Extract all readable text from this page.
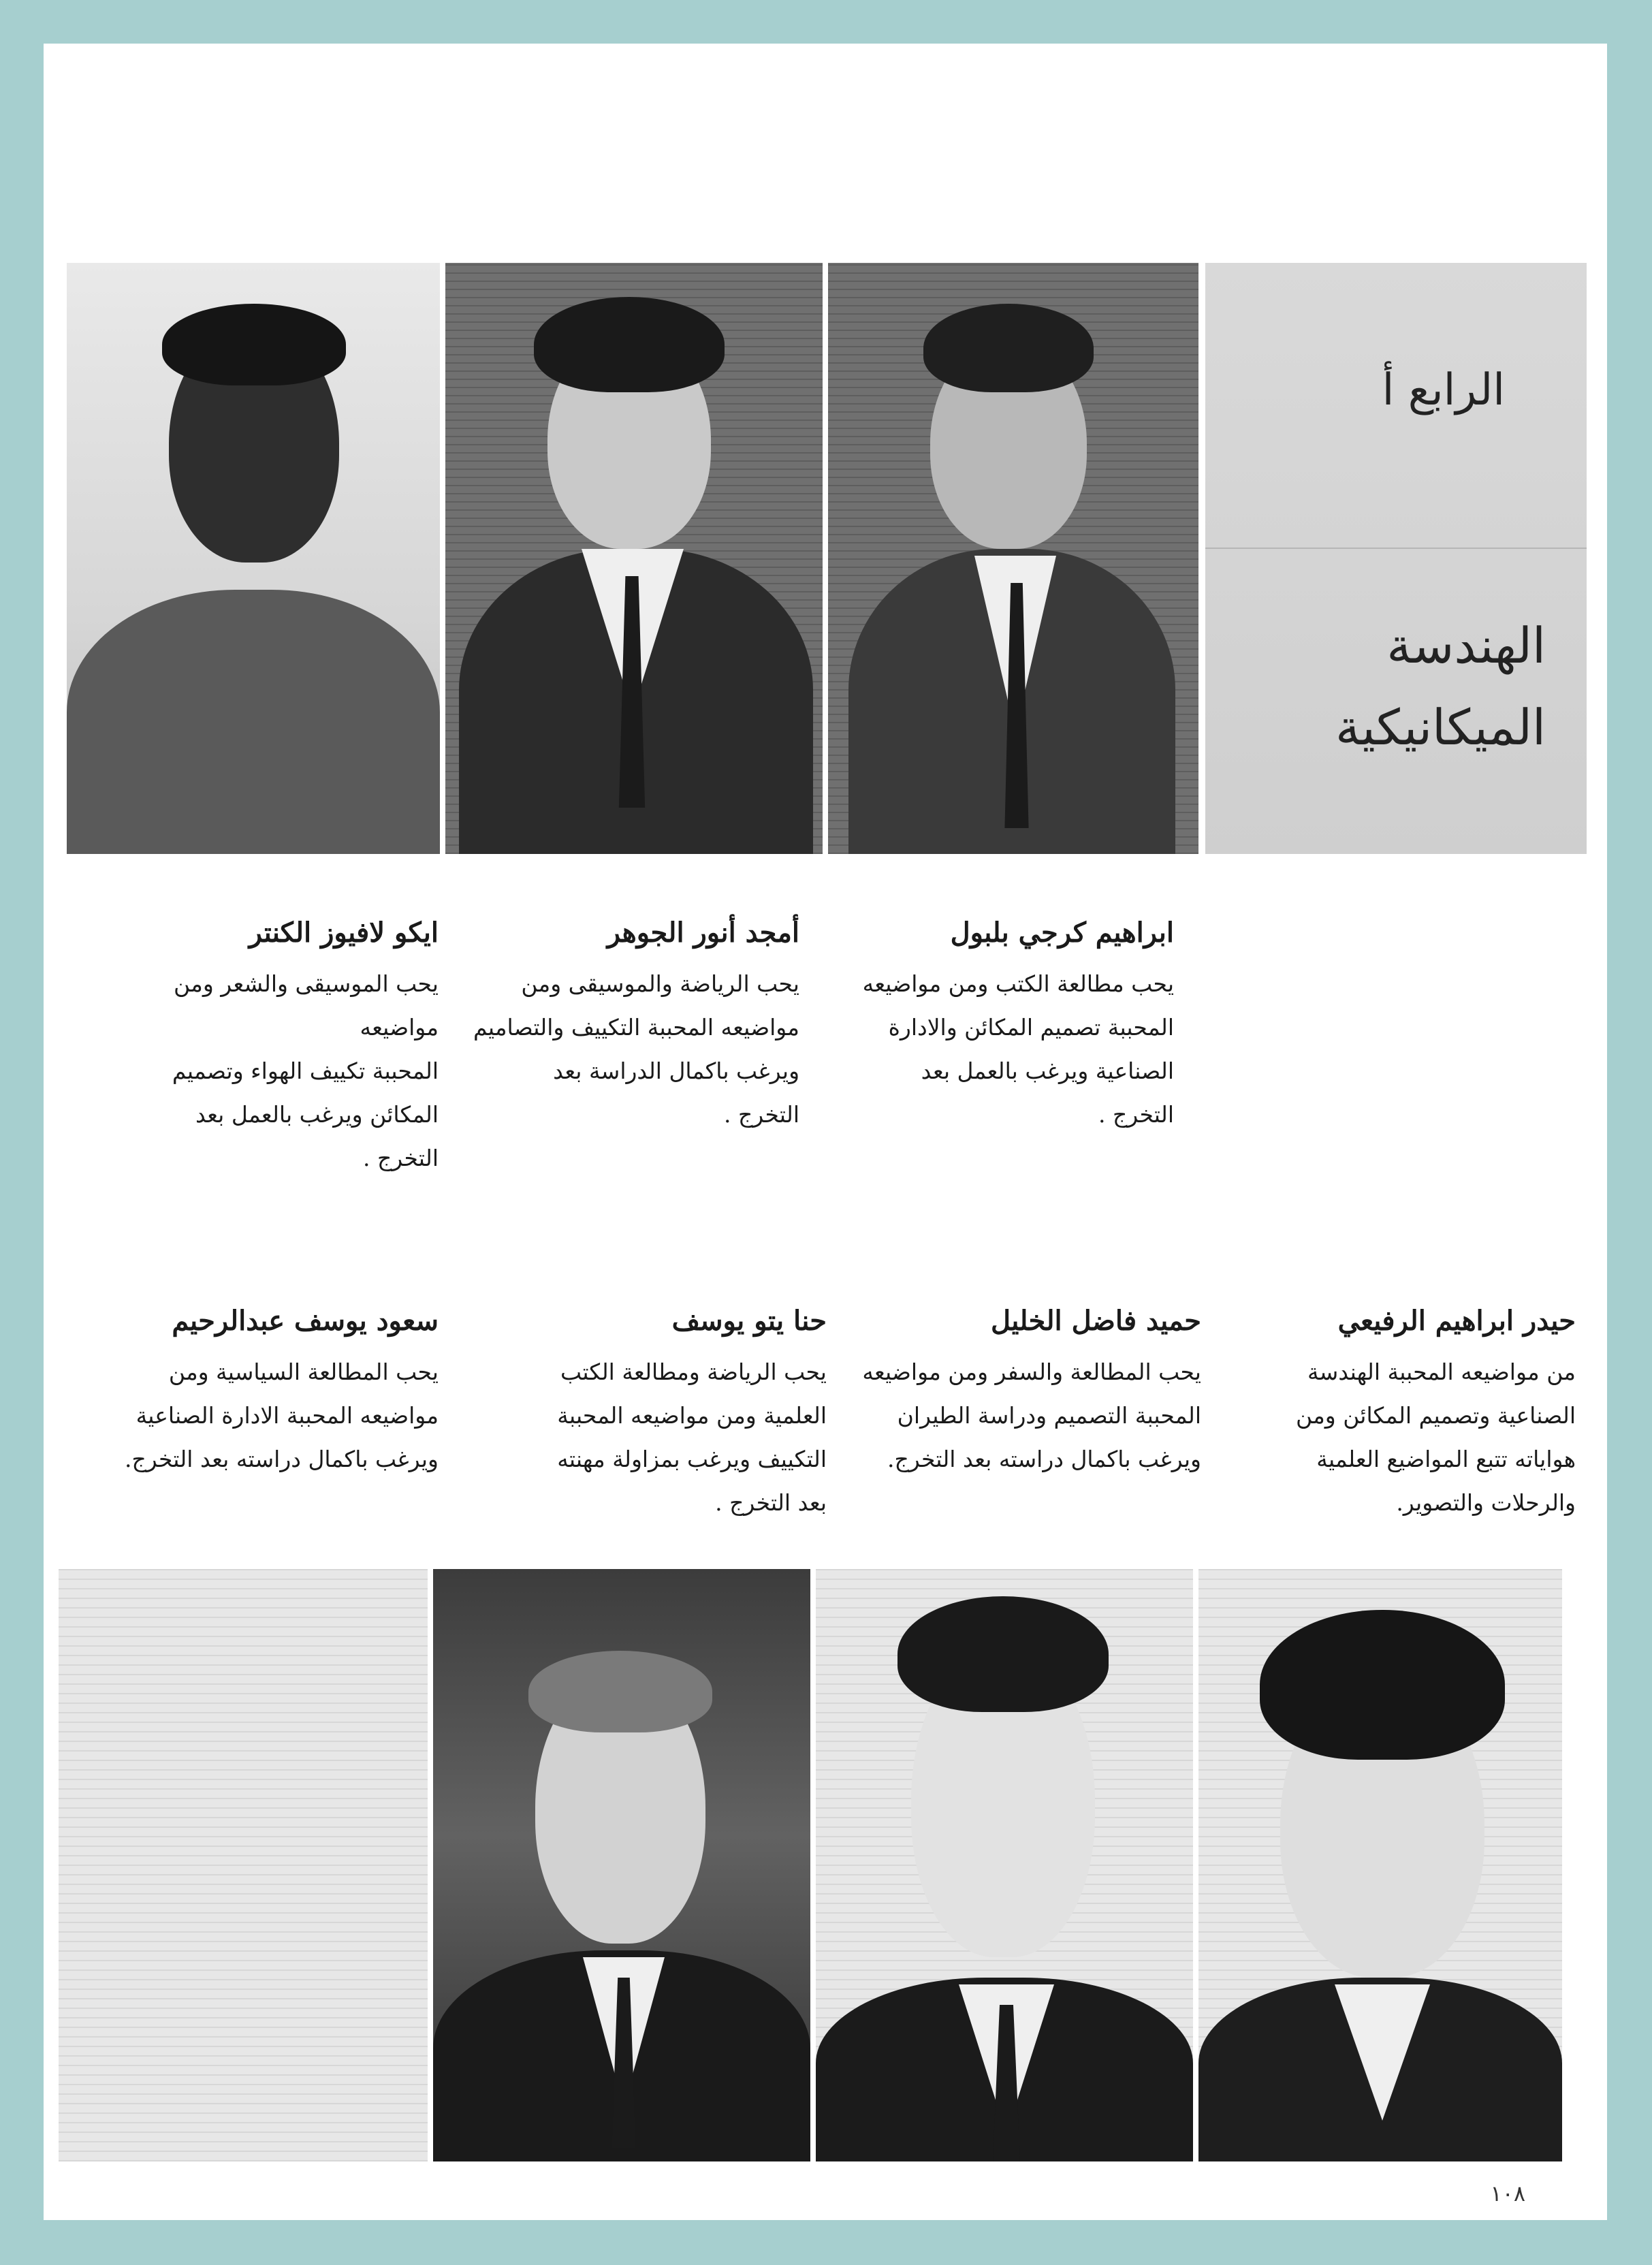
الرابع أ
الهندسة
الميكانيكية
ابراهيم كرجي بلبول
يحب مطالعة الكتب ومن مواضيعه
المحببة تصميم المكائن والادارة
الصناعية ويرغب بالعمل بعد
التخرج .
أمجد أنور الجوهر
يحب الرياضة والموسيقى ومن
مواضيعه المحببة التكييف والتصاميم
ويرغب باكمال الدراسة بعد
التخرج .
ايكو لافيوز الكنتر
يحب الموسيقى والشعر ومن مواضيعه
المحببة تكييف الهواء وتصميم
المكائن ويرغب بالعمل بعد
التخرج .
حيدر ابراهيم الرفيعي
من مواضيعه المحببة الهندسة
الصناعية وتصميم المكائن ومن
هواياته تتبع المواضيع العلمية
والرحلات والتصوير.
حميد فاضل الخليل
يحب المطالعة والسفر ومن مواضيعه
المحببة التصميم ودراسة الطيران
ويرغب باكمال دراسته بعد التخرج.
حنا يتو يوسف
يحب الرياضة ومطالعة الكتب
العلمية ومن مواضيعه المحببة
التكييف ويرغب بمزاولة مهنته
بعد التخرج .
سعود يوسف عبدالرحيم
يحب المطالعة السياسية ومن
مواضيعه المحببة الادارة الصناعية
ويرغب باكمال دراسته بعد التخرج.
١٠٨
